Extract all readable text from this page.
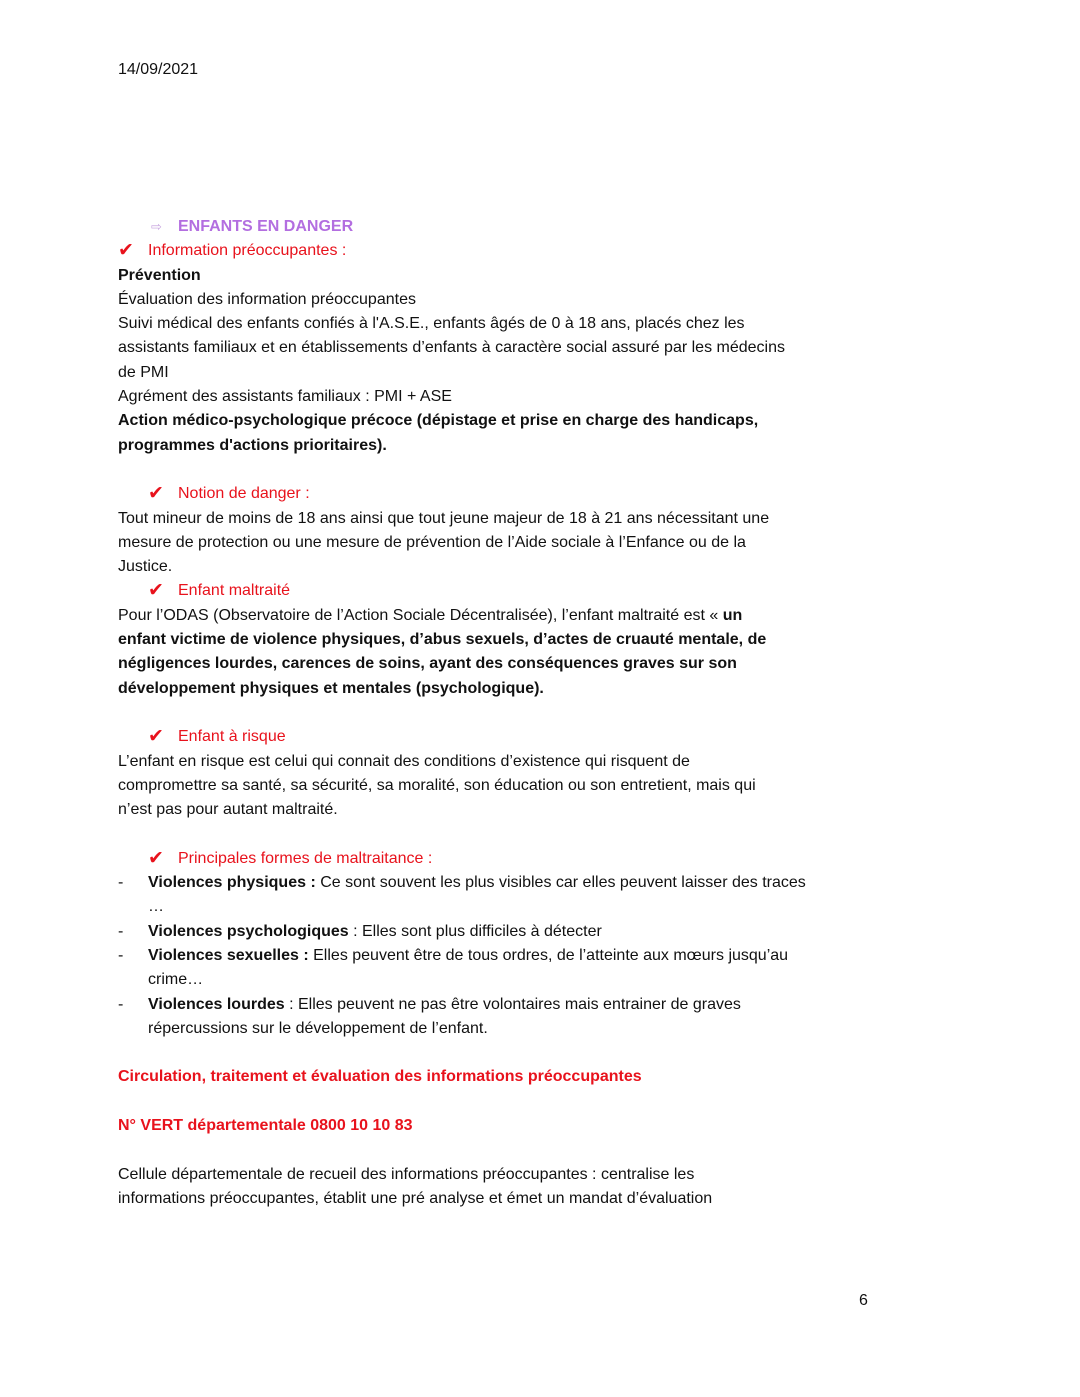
14/09/2021
⇨ ENFANTS EN DANGER
✔ Information préoccupantes :
Prévention
Évaluation des information préoccupantes
Suivi médical des enfants confiés à l'A.S.E., enfants âgés de 0 à 18 ans, placés chez les
assistants familiaux et en établissements d’enfants à caractère social assuré par les médecins
de PMI
Agrément des assistants familiaux : PMI + ASE
Action médico-psychologique précoce (dépistage et prise en charge des handicaps,
programmes d'actions prioritaires).
✔ Notion de danger :
Tout mineur de moins de 18 ans ainsi que tout jeune majeur de 18 à 21 ans nécessitant une
mesure de protection ou une mesure de prévention de l’Aide sociale à l’Enfance ou de la
Justice.
✔ Enfant maltraité
Pour l’ODAS (Observatoire de l’Action Sociale Décentralisée), l’enfant maltraité est « un
enfant victime de violence physiques, d’abus sexuels, d’actes de cruauté mentale, de
négligences lourdes, carences de soins, ayant des conséquences graves sur son
développement physiques et mentales (psychologique).
✔ Enfant à risque
L’enfant en risque est celui qui connait des conditions d’existence qui risquent de
compromettre sa santé, sa sécurité, sa moralité, son éducation ou son entretient, mais qui
n’est pas pour autant maltraité.
✔ Principales formes de maltraitance :
- Violences physiques : Ce sont souvent les plus visibles car elles peuvent laisser des traces
…
- Violences psychologiques : Elles sont plus difficiles à détecter
- Violences sexuelles : Elles peuvent être de tous ordres, de l’atteinte aux mœurs jusqu’au
crime…
- Violences lourdes : Elles peuvent ne pas être volontaires mais entrainer de graves
répercussions sur le développement de l’enfant.
Circulation, traitement et évaluation des informations préoccupantes
N° VERT départementale 0800 10 10 83
Cellule départementale de recueil des informations préoccupantes : centralise les
informations préoccupantes, établit une pré analyse et émet un mandat d’évaluation
6
